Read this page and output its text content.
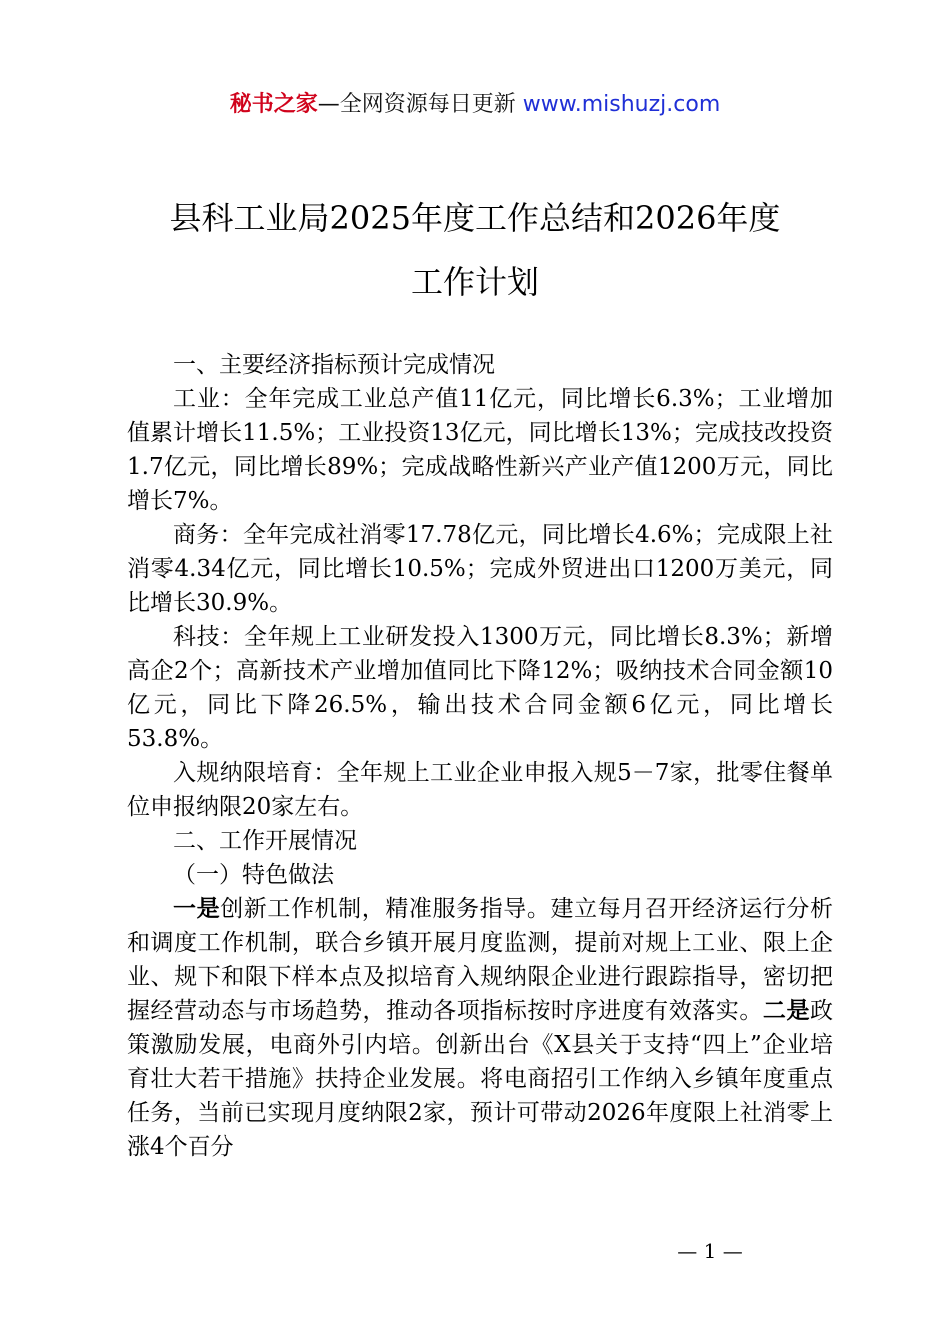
秘书之家—全网资源每日更新 www.mishuzj.com
县科工业局2025年度工作总结和2026年度
工作计划

一、主要经济指标预计完成情况

工业：全年完成工业总产值11亿元，同比增长6.3%；工业增加值累计增长11.5%；工业投资13亿元，同比增长13%；完成技改投资1.7亿元，同比增长89%；完成战略性新兴产业产值1200万元，同比增长7%。

商务：全年完成社消零17.78亿元，同比增长4.6%；完成限上社消零4.34亿元，同比增长10.5%；完成外贸进出口1200万美元，同比增长30.9%。

科技：全年规上工业研发投入1300万元，同比增长8.3%；新增高企2个；高新技术产业增加值同比下降12%；吸纳技术合同金额10亿元，同比下降26.5%，输出技术合同金额6亿元，同比增长53.8%。

入规纳限培育：全年规上工业企业申报入规5－7家，批零住餐单位申报纳限20家左右。

二、工作开展情况

（一）特色做法

一是创新工作机制，精准服务指导。建立每月召开经济运行分析和调度工作机制，联合乡镇开展月度监测，提前对规上工业、限上企业、规下和限下样本点及拟培育入规纳限企业进行跟踪指导，密切把握经营动态与市场趋势，推动各项指标按时序进度有效落实。二是政策激励发展，电商外引内培。创新出台《X县关于支持“四上”企业培育壮大若干措施》扶持企业发展。将电商招引工作纳入乡镇年度重点任务，当前已实现月度纳限2家，预计可带动2026年度限上社消零上涨4个百分

— 1 —
